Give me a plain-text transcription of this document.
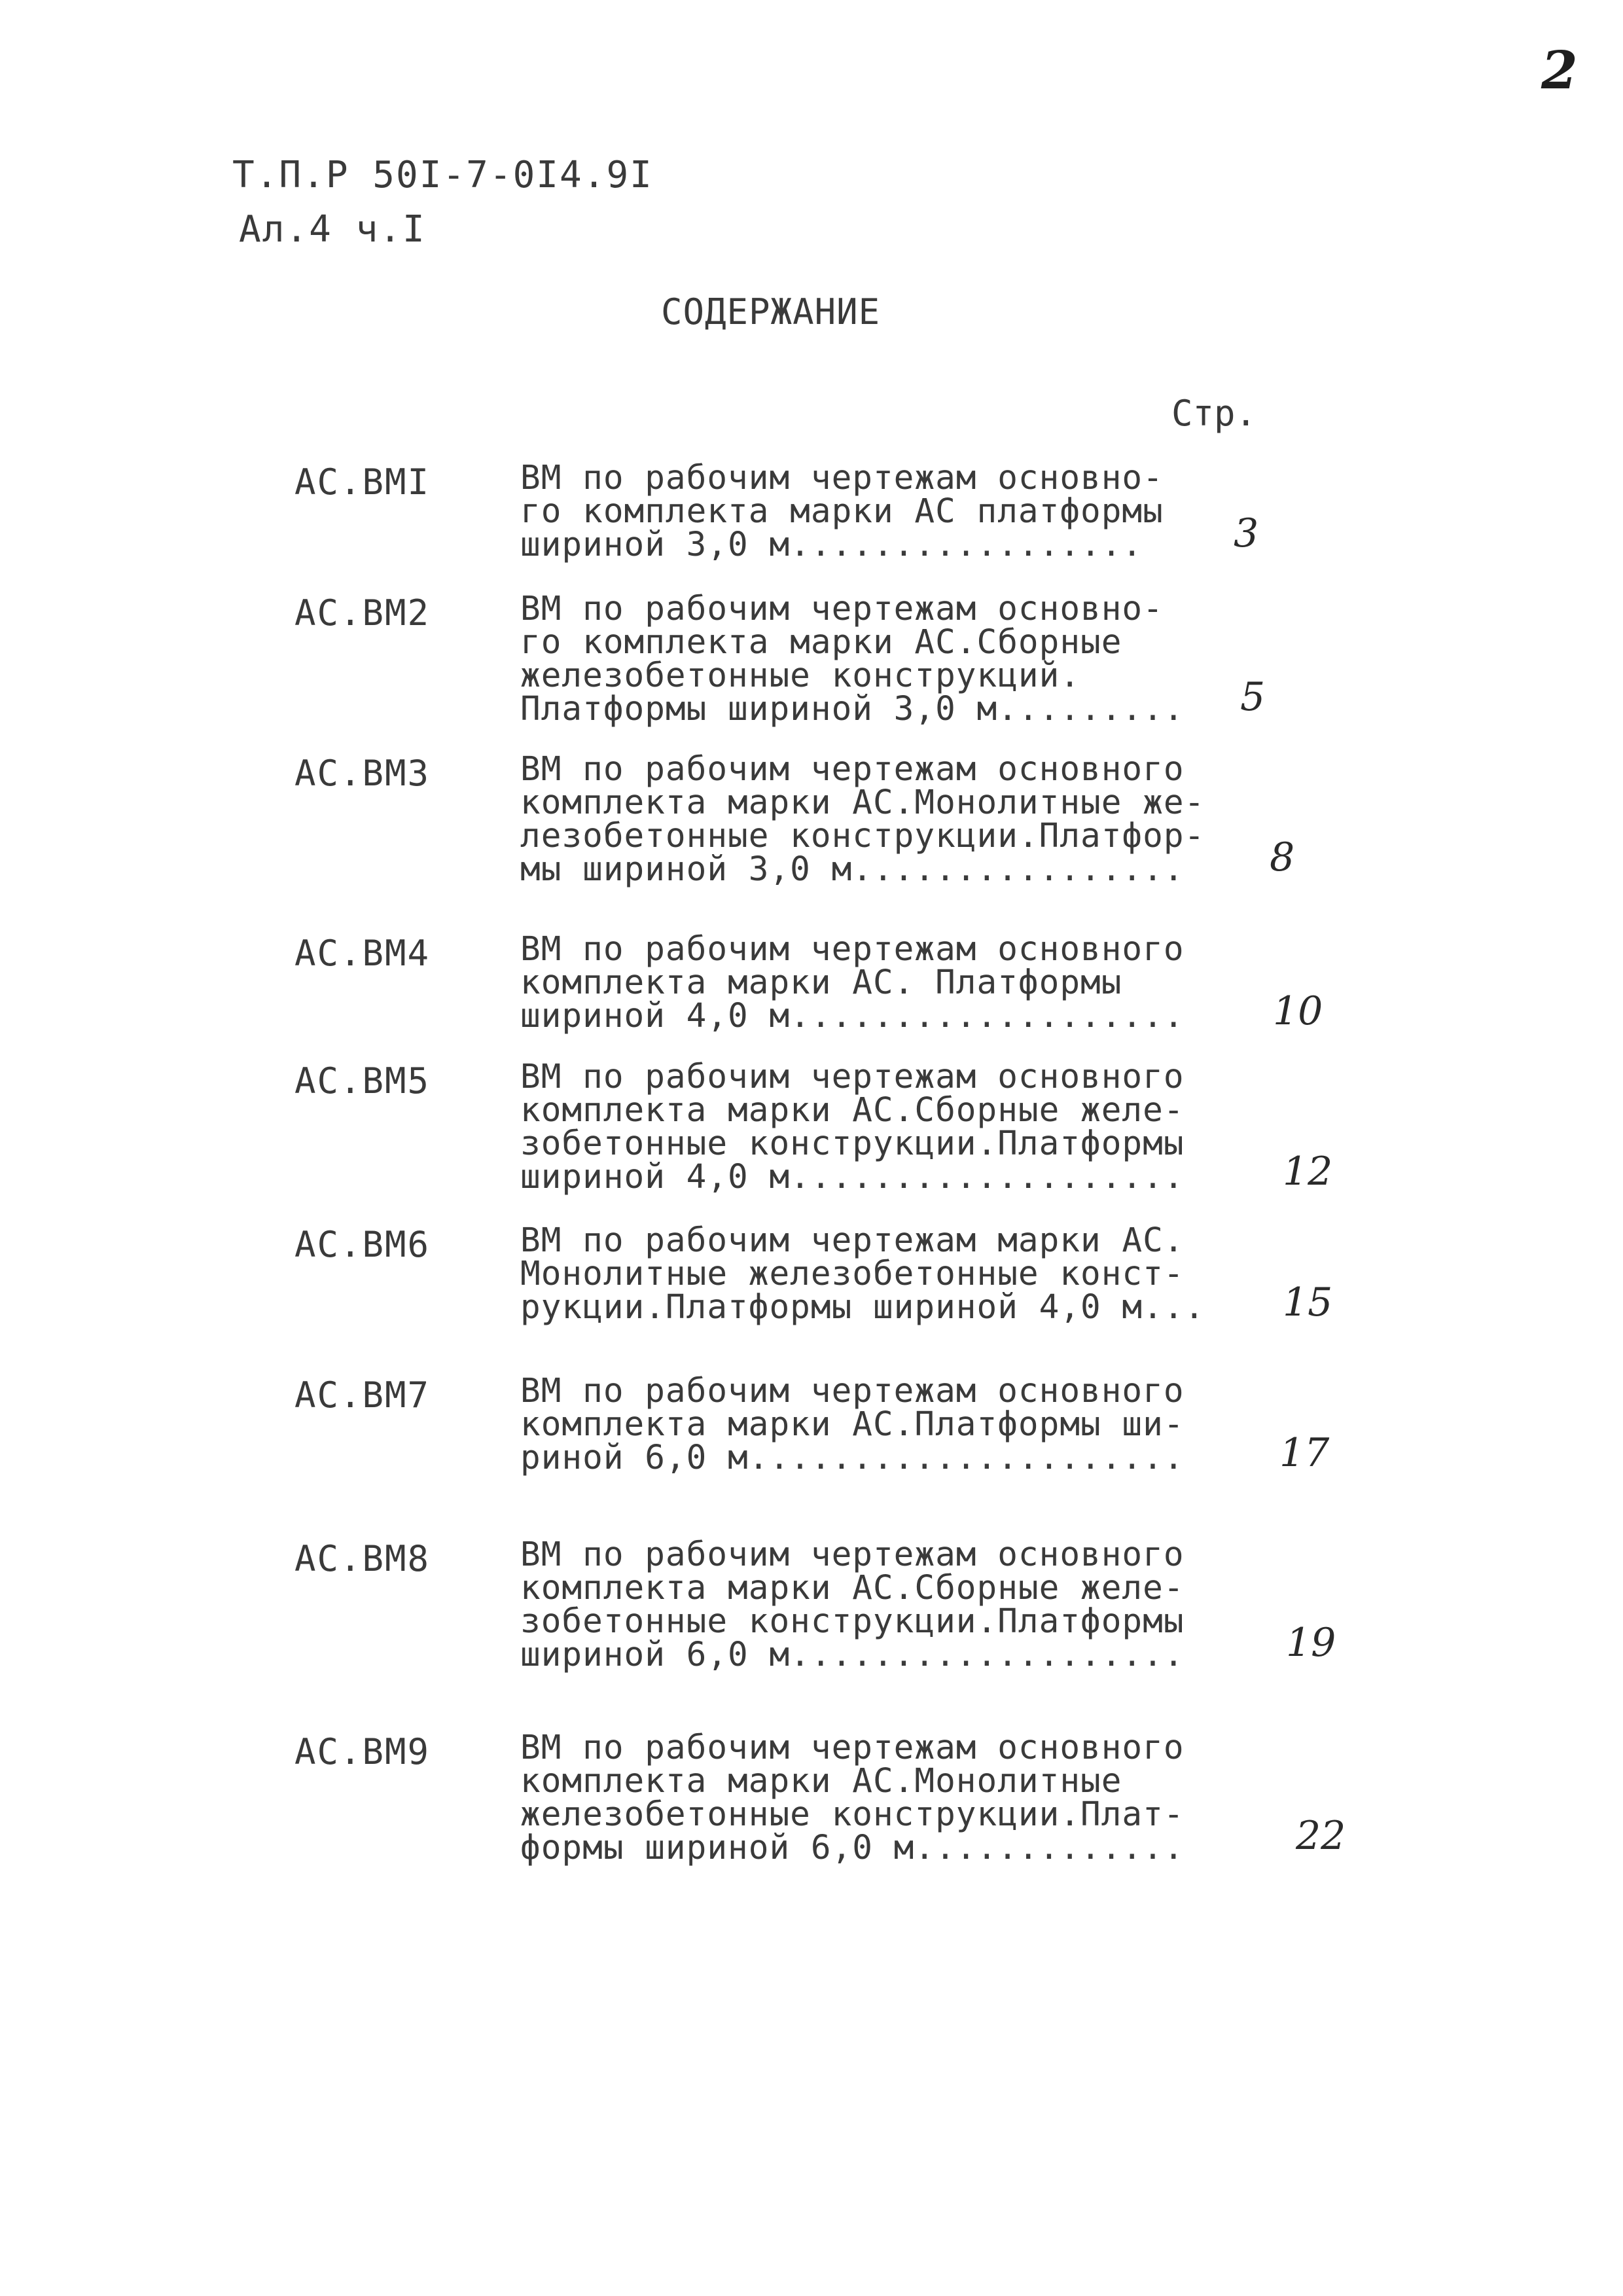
2
Т.П.Р 50I-7-0I4.9I
Ал.4 ч.I
СОДЕРЖАНИЕ
Стр.
АС.ВМI	ВМ по рабочим чертежам основно-
го комплекта марки АС платформы
шириной 3,0 м.................	3
АС.ВМ2	ВМ по рабочим чертежам основно-
го комплекта марки АС.Сборные
железобетонные конструкций.
Платформы шириной 3,0 м.........	5
АС.ВМ3	ВМ по рабочим чертежам основного
комплекта марки АС.Монолитные же-
лезобетонные конструкции.Платфор-
мы шириной 3,0 м................	8
АС.ВМ4	ВМ по рабочим чертежам основного
комплекта марки АС. Платформы
шириной 4,0 м...................	10
АС.ВМ5	ВМ по рабочим чертежам основного
комплекта марки АС.Сборные желе-
зобетонные конструкции.Платформы
шириной 4,0 м...................	12
АС.ВМ6	ВМ по рабочим чертежам марки АС.
Монолитные железобетонные конст-
рукции.Платформы шириной 4,0 м...	15
АС.ВМ7	ВМ по рабочим чертежам основного
комплекта марки АС.Платформы ши-
риной 6,0 м.....................	17
АС.ВМ8	ВМ по рабочим чертежам основного
комплекта марки АС.Сборные желе-
зобетонные конструкции.Платформы
шириной 6,0 м...................	19
АС.ВМ9	ВМ по рабочим чертежам основного
комплекта марки АС.Монолитные
железобетонные конструкции.Плат-
формы шириной 6,0 м.............	22
